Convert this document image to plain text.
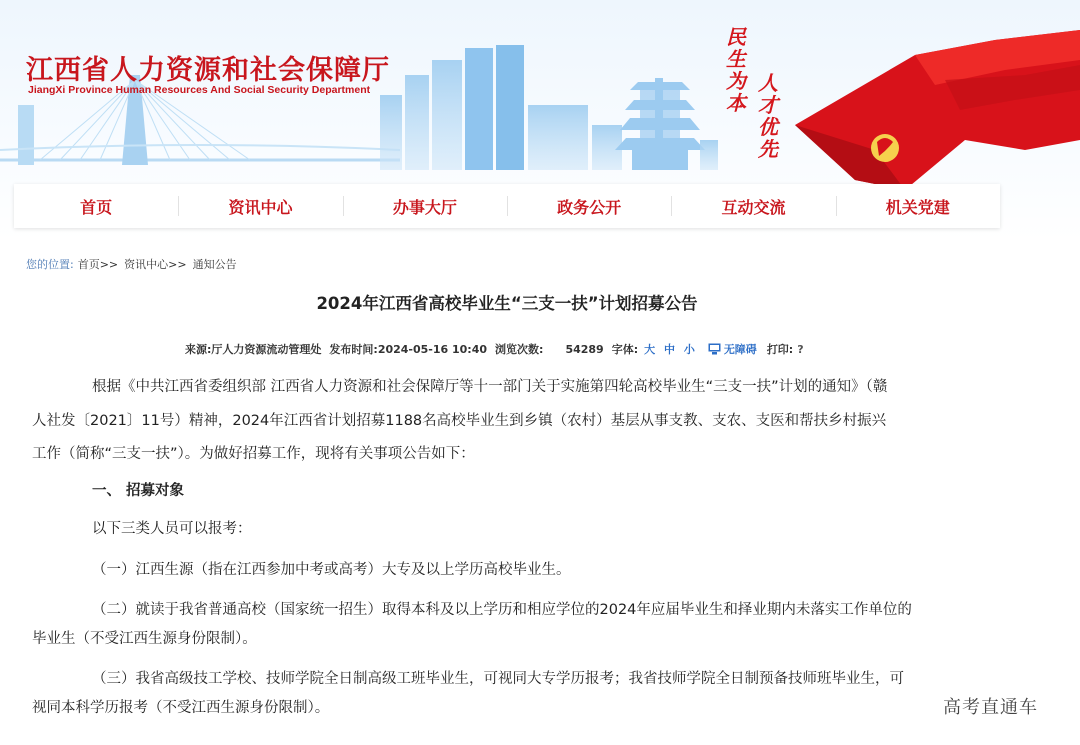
江西省人力资源和社会保障厅
JiangXi Province Human Resources And Social Security Department
民生为本
人才优先
首页	资讯中心	办事大厅	政务公开	互动交流	机关党建
您的位置: 首页>> 资讯中心>> 通知公告
2024年江西省高校毕业生“三支一扶”计划招募公告
来源: 厅人力资源流动管理处 发布时间: 2024-05-16 10:40 浏览次数: 54289 字体: 大 中 小	无障碍 打印: ?

根据《中共江西省委组织部 江西省人力资源和社会保障厅等十一部门关于实施第四轮高校毕业生“三支一扶”计划的通知》（赣
人社发〔2021〕11号）精神，2024年江西省计划招募1188名高校毕业生到乡镇（农村）基层从事支教、支农、支医和帮扶乡村振兴
工作（简称“三支一扶”）。为做好招募工作，现将有关事项公告如下：

一、 招募对象

以下三类人员可以报考：

（一）江西生源（指在江西参加中考或高考）大专及以上学历高校毕业生。

（二）就读于我省普通高校（国家统一招生）取得本科及以上学历和相应学位的2024年应届毕业生和择业期内未落实工作单位的
毕业生（不受江西生源身份限制）。

（三）我省高级技工学校、技师学院全日制高级工班毕业生，可视同大专学历报考；我省技师学院全日制预备技师班毕业生，可
视同本科学历报考（不受江西生源身份限制）。	高考直通车
